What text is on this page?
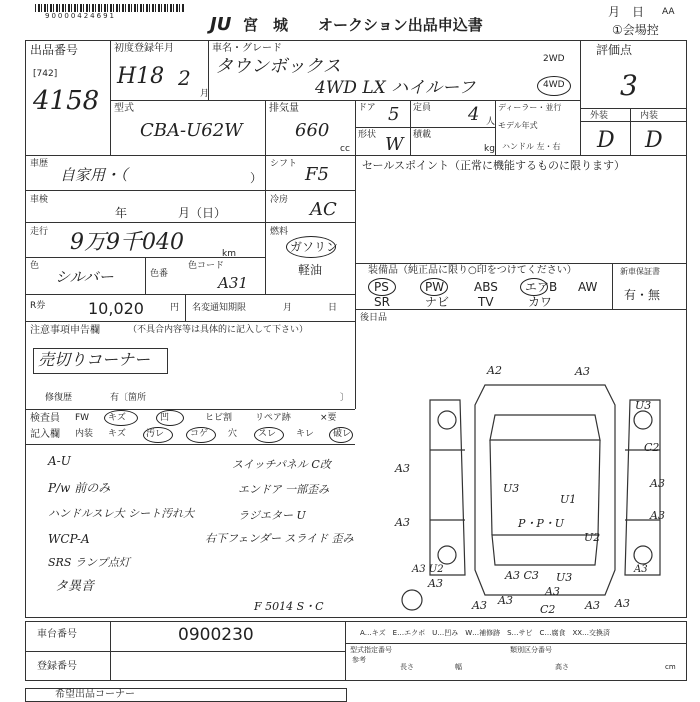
90000424691	JU 宮　城 オークション出品申込書
月　日 AA
①会場控
出品番号
[742]
4158
初度登録年月
H18 2
月
車名・グレード
タウンボックス
4WD LX ハイルーフ
2WD
4WD
評価点
3
外装	内装
D D
型式
CBA-U62W
排気量
660
cc
ドア 5 定員 4 人
ディーラー・並行
モデル年式
ハンドル 左・右
形状 W 積載
kg
車歴
自家用・（	）
シフト F5	セールスポイント（正常に機能するものに限ります）
車検
年	月（日）
冷房 AC
走行 9万9千040	km
燃料
ガソリン
軽油
色
シルバー	色番
色コード
A31
装備品（純正品に限り○印をつけてください）
PS	PW ABS エアB AW
SR	ナビ TV	カワ
新車保証書
有・無
R券	10,020	円 名変通知期限	月	日
後日品
注意事項申告欄	（不具合内容等は具体的に記入して下さい）
売切りコーナー
修復歴	有〔箇所	〕
検査員
記入欄
FW キズ	凹	ヒビ割	リペア跡	×要
内装 キズ 汚レ	コゲ 穴 スレ キレ 破レ
A-U
P/w 前のみ
ハンドルスレ大 シート汚れ大
WCP-A
SRS ランプ点灯
タ異音
スイッチパネル C改
エンドア 一部歪み
ラジエター U
右下フェンダー スライド 歪み
A2	A3
U3
C2
A3
A3
U3
U1
A3
A3
P・P・U
U2
A3 U2
A3
A3
A3 C3 U3
C2
A3
A3	A3
A3
A3
F 5014 S・C
車台番号	0900230
登録番号
A…キズ　E…エクボ　U…凹み　W…補修跡　S…サビ　C…腐食　XX…交換済
型式指定番号
参考
類別区分番号
長さ	幅	高さ	cm
希望出品コーナー
